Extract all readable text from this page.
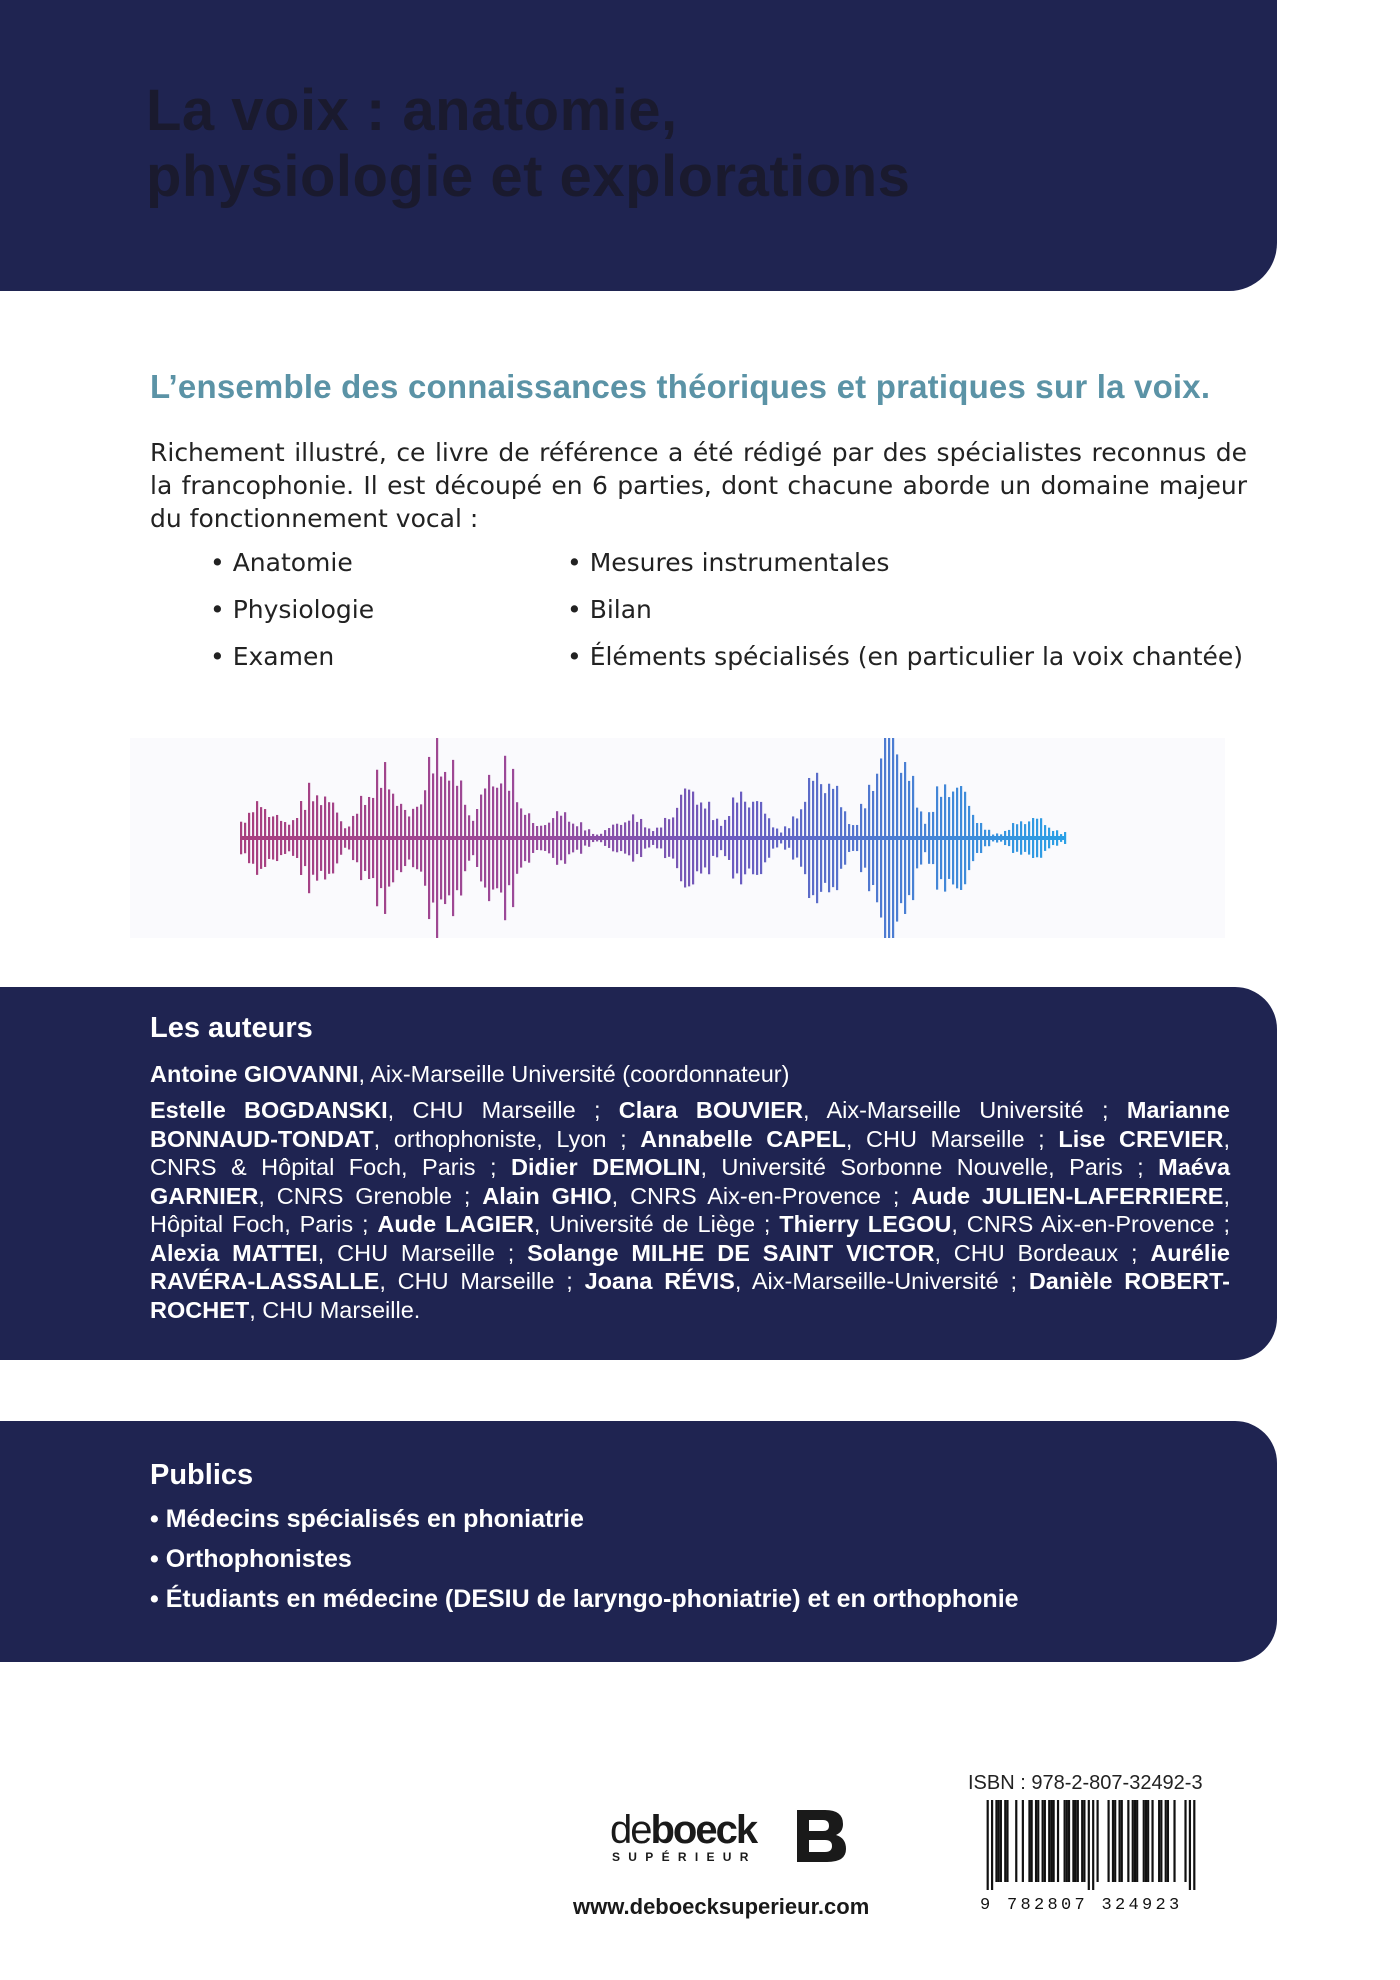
La voix : anatomie,
physiologie et explorations
L’ensemble des connaissances théoriques et pratiques sur la voix.
Richement illustré, ce livre de référence a été rédigé par des spécialistes reconnus de la francophonie. Il est découpé en 6 parties, dont chacune aborde un domaine majeur du fonctionnement vocal :
• Anatomie
• Physiologie
• Examen
• Mesures instrumentales
• Bilan
• Éléments spécialisés (en particulier la voix chantée)
Les auteurs
Antoine GIOVANNI, Aix-Marseille Université (coordonnateur)
Estelle BOGDANSKI, CHU Marseille ; Clara BOUVIER, Aix-Marseille Université ; Marianne BONNAUD-TONDAT, orthophoniste, Lyon ; Annabelle CAPEL, CHU Marseille ; Lise CREVIER, CNRS & Hôpital Foch, Paris ; Didier DEMOLIN, Université Sorbonne Nouvelle, Paris ; Maéva GARNIER, CNRS Grenoble ; Alain GHIO, CNRS Aix-en-Provence ; Aude JULIEN-LAFERRIERE, Hôpital Foch, Paris ; Aude LAGIER, Université de Liège ; Thierry LEGOU, CNRS Aix-en-Provence ; Alexia MATTEI, CHU Marseille ; Solange MILHE DE SAINT VICTOR, CHU Bordeaux ; Aurélie RAVÉRA-LASSALLE, CHU Marseille ; Joana RÉVIS, Aix-Marseille-Université ; Danièle ROBERT-ROCHET, CHU Marseille.
Publics
• Médecins spécialisés en phoniatrie
• Orthophonistes
• Étudiants en médecine (DESIU de laryngo-phoniatrie) et en orthophonie
deboeck
SUPÉRIEUR
www.deboecksuperieur.com
ISBN : 978-2-807-32492-3
9 782807 324923
